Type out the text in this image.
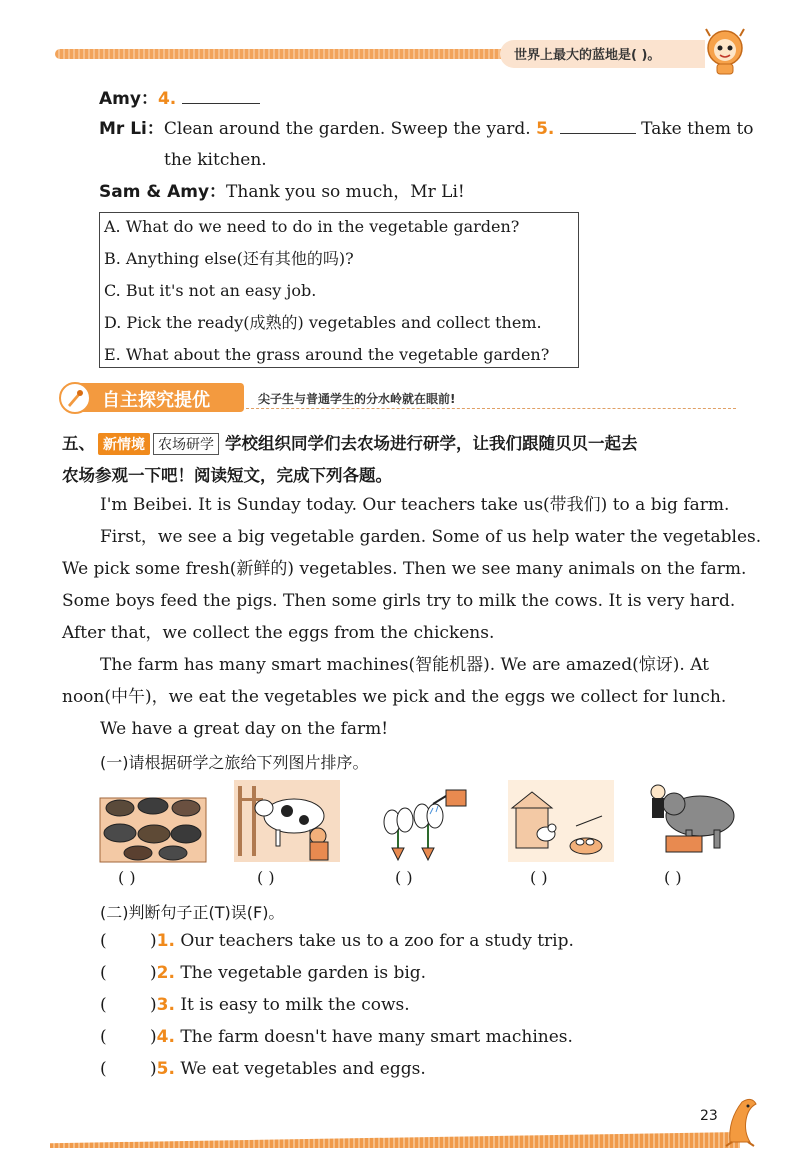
世界上最大的蓝地是( )。
Amy：4.
Mr Li：Clean around the garden. Sweep the yard. 5.	Take them to
the kitchen.
Sam & Amy：Thank you so much，Mr Li!
A. What do we need to do in the vegetable garden?
B. Anything else(还有其他的吗)?
C. But it's not an easy job.
D. Pick the ready(成熟的) vegetables and collect them.
E. What about the grass around the vegetable garden?
自主探究提优	尖子生与普通学生的分水岭就在眼前!
五、 新情境 农场研学 学校组织同学们去农场进行研学，让我们跟随贝贝一起去
农场参观一下吧！阅读短文，完成下列各题。
I'm Beibei. It is Sunday today. Our teachers take us(带我们) to a big farm.
First，we see a big vegetable garden. Some of us help water the vegetables.
We pick some fresh(新鲜的) vegetables. Then we see many animals on the farm.
Some boys feed the pigs. Then some girls try to milk the cows. It is very hard.
After that，we collect the eggs from the chickens.
The farm has many smart machines(智能机器). We are amazed(惊讶). At
noon(中午)，we eat the vegetables we pick and the eggs we collect for lunch.
We have a great day on the farm!
(一)请根据研学之旅给下列图片排序。
( )	( )	( )	( )	( )
(二)判断句子正(T)误(F)。
(	)1. Our teachers take us to a zoo for a study trip.
(	)2. The vegetable garden is big.
(	)3. It is easy to milk the cows.
(	)4. The farm doesn't have many smart machines.
(	)5. We eat vegetables and eggs.
23
